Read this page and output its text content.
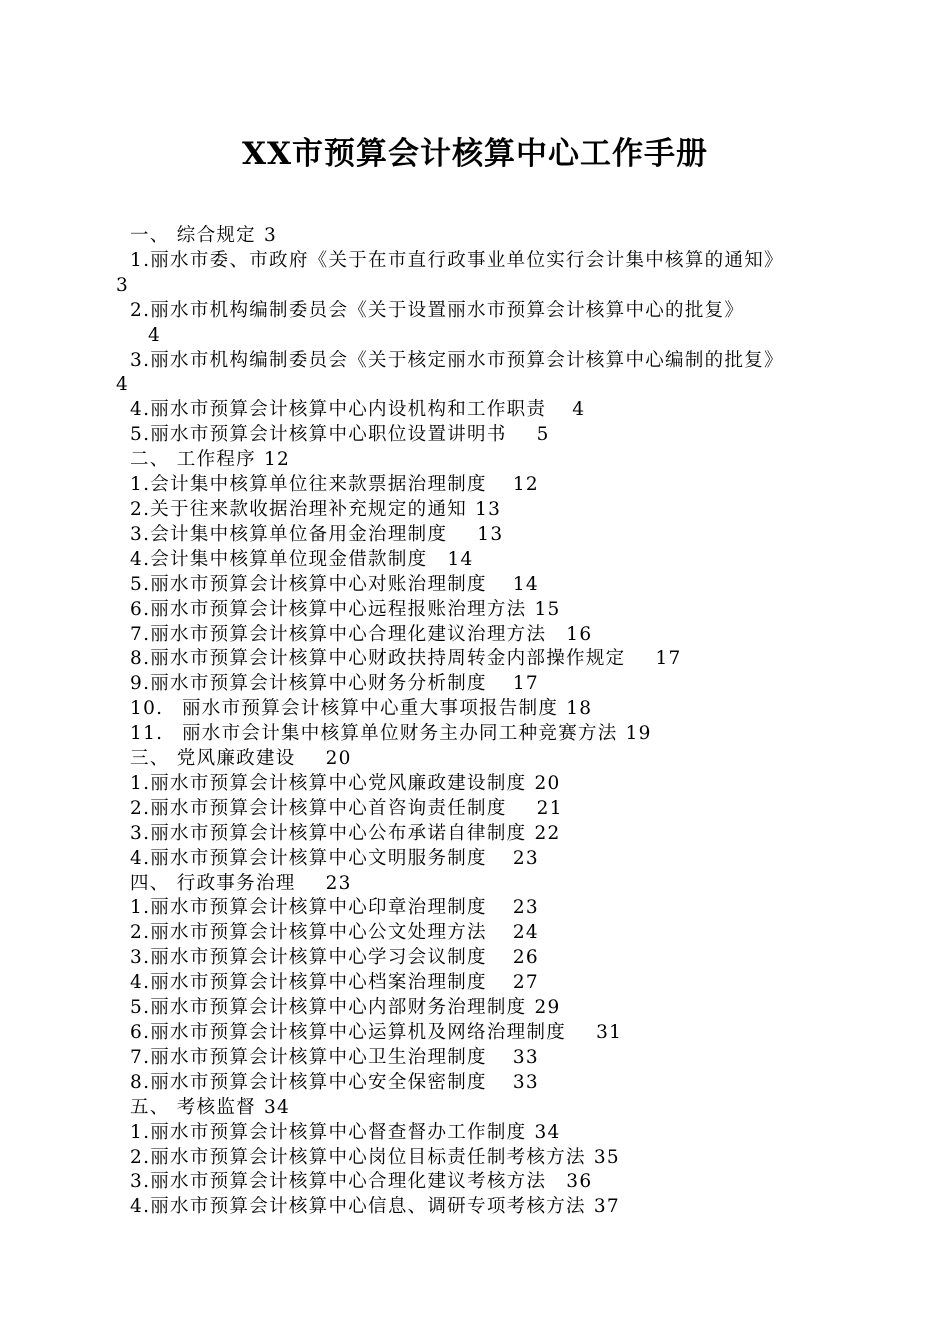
XX市预算会计核算中心工作手册
一、 综合规定 3
1.丽水市委、市政府《关于在市直行政事业单位实行会计集中核算的通知》3
2.丽水市机构编制委员会《关于设置丽水市预算会计核算中心的批复》
4
3.丽水市机构编制委员会《关于核定丽水市预算会计核算中心编制的批复》4
4.丽水市预算会计核算中心内设机构和工作职责 4
5.丽水市预算会计核算中心职位设置讲明书 5
二、 工作程序 12
1.会计集中核算单位往来款票据治理制度 12
2.关于往来款收据治理补充规定的通知 13
3.会计集中核算单位备用金治理制度 13
4.会计集中核算单位现金借款制度 14
5.丽水市预算会计核算中心对账治理制度 14
6.丽水市预算会计核算中心远程报账治理方法 15
7.丽水市预算会计核算中心合理化建议治理方法 16
8.丽水市预算会计核算中心财政扶持周转金内部操作规定 17
9.丽水市预算会计核算中心财务分析制度 17
10. 丽水市预算会计核算中心重大事项报告制度 18
11. 丽水市会计集中核算单位财务主办同工种竞赛方法 19
三、 党风廉政建设 20
1.丽水市预算会计核算中心党风廉政建设制度 20
2.丽水市预算会计核算中心首咨询责任制度 21
3.丽水市预算会计核算中心公布承诺自律制度 22
4.丽水市预算会计核算中心文明服务制度 23
四、 行政事务治理 23
1.丽水市预算会计核算中心印章治理制度 23
2.丽水市预算会计核算中心公文处理方法 24
3.丽水市预算会计核算中心学习会议制度 26
4.丽水市预算会计核算中心档案治理制度 27
5.丽水市预算会计核算中心内部财务治理制度 29
6.丽水市预算会计核算中心运算机及网络治理制度 31
7.丽水市预算会计核算中心卫生治理制度 33
8.丽水市预算会计核算中心安全保密制度 33
五、 考核监督 34
1.丽水市预算会计核算中心督查督办工作制度 34
2.丽水市预算会计核算中心岗位目标责任制考核方法 35
3.丽水市预算会计核算中心合理化建议考核方法 36
4.丽水市预算会计核算中心信息、调研专项考核方法 37
